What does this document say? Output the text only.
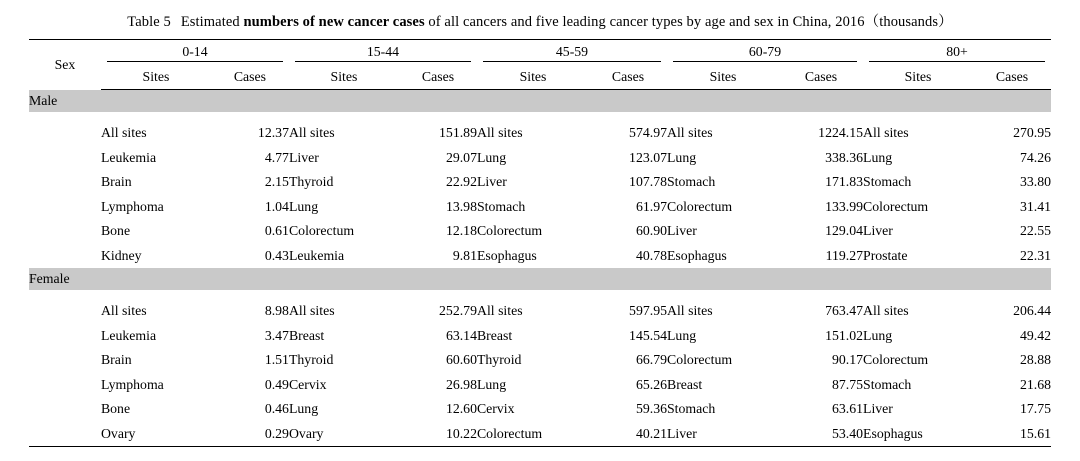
Table 5 Estimated numbers of new cancer cases of all cancers and five leading cancer types by age and sex in China, 2016（thousands）
Sex	0-14		15-44		45-59		60-79		80+	

	Sites	Cases	Sites	Cases	Sites	Cases	Sites	Cases	Sites	Cases
Male										

	All sites	12.37	All sites	151.89	All sites	574.97	All sites	1224.15	All sites	270.95
	Leukemia	4.77	Liver	29.07	Lung	123.07	Lung	338.36	Lung	74.26
	Brain	2.15	Thyroid	22.92	Liver	107.78	Stomach	171.83	Stomach	33.80
	Lymphoma	1.04	Lung	13.98	Stomach	61.97	Colorectum	133.99	Colorectum	31.41
	Bone	0.61	Colorectum	12.18	Colorectum	60.90	Liver	129.04	Liver	22.55
	Kidney	0.43	Leukemia	9.81	Esophagus	40.78	Esophagus	119.27	Prostate	22.31
Female										

	All sites	8.98	All sites	252.79	All sites	597.95	All sites	763.47	All sites	206.44
	Leukemia	3.47	Breast	63.14	Breast	145.54	Lung	151.02	Lung	49.42
	Brain	1.51	Thyroid	60.60	Thyroid	66.79	Colorectum	90.17	Colorectum	28.88
	Lymphoma	0.49	Cervix	26.98	Lung	65.26	Breast	87.75	Stomach	21.68
	Bone	0.46	Lung	12.60	Cervix	59.36	Stomach	63.61	Liver	17.75
	Ovary	0.29	Ovary	10.22	Colorectum	40.21	Liver	53.40	Esophagus	15.61
